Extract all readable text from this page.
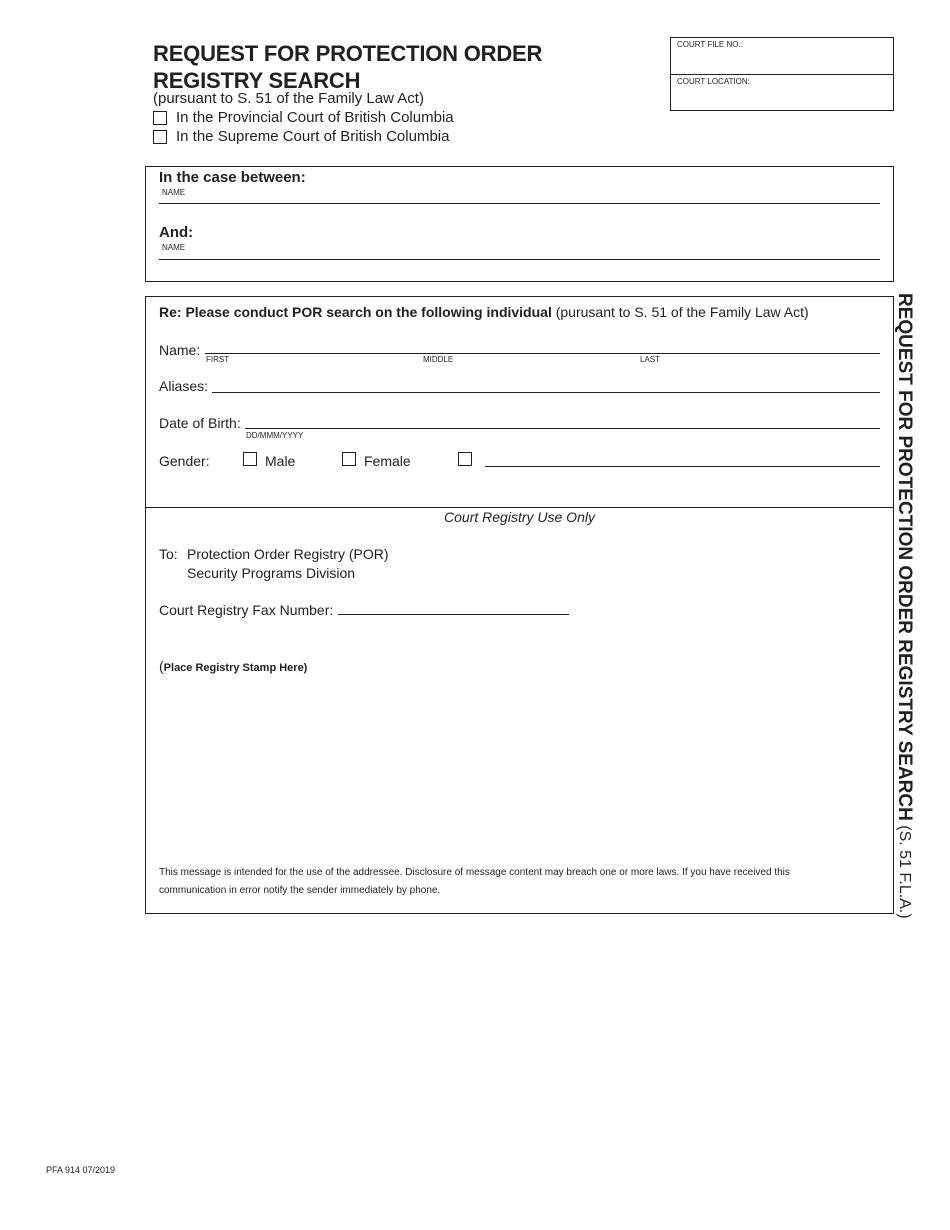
REQUEST FOR PROTECTION ORDER
REGISTRY SEARCH
(pursuant to S. 51 of the Family Law Act)
In the Provincial Court of British Columbia
In the Supreme Court of British Columbia
COURT FILE NO.:
COURT LOCATION:
In the case between:
NAME
And:
NAME
Re: Please conduct POR search on the following individual (purusant to S. 51 of the Family Law Act)
Name:
FIRST	MIDDLE	LAST
Aliases:
Date of Birth:
DD/MMM/YYYY
Gender:	Male	Female
Court Registry Use Only
To: Protection Order Registry (POR)
Security Programs Division
Court Registry Fax Number:
(Place Registry Stamp Here)
This message is intended for the use of the addressee. Disclosure of message content may breach one or more laws. If you have received this
communication in error notify the sender immediately by phone.
REQUEST FOR PROTECTION ORDER REGISTRY SEARCH (S. 51 F.L.A.)
PFA 914 07/2019
